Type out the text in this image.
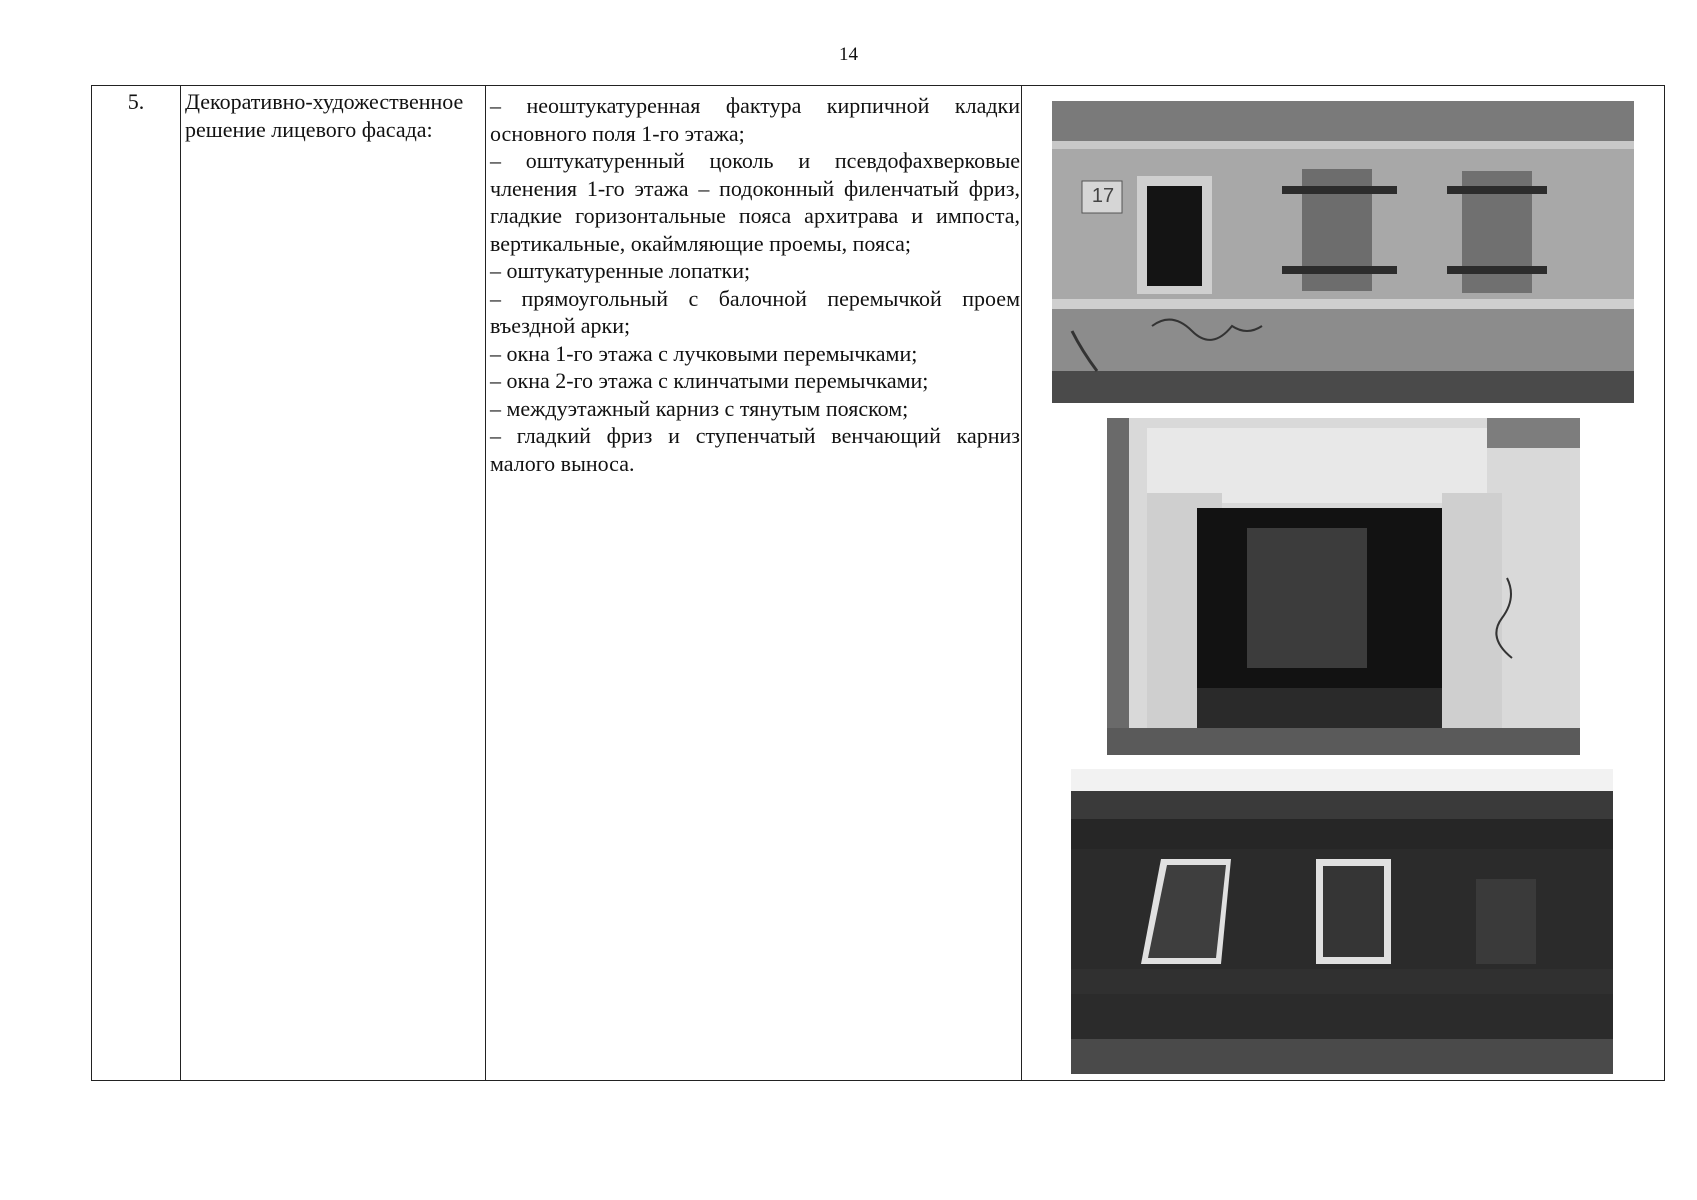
14
5.	Декоративно-художественное решение лицевого фасада:

– неоштукатуренная фактура кирпичной кладки основного поля 1-го этажа;

– оштукатуренный цоколь и псевдофахверковые членения 1-го этажа – подоконный филенчатый фриз, гладкие горизонтальные пояса архитрава и импоста, вертикальные, окаймляющие проемы, пояса;

– оштукатуренные лопатки;

– прямоугольный с балочной перемычкой проем въездной арки;

– окна 1-го этажа с лучковыми перемычками;

– окна 2-го этажа с клинчатыми перемычками;

– междуэтажный карниз с тянутым пояском;

– гладкий фриз и ступенчатый венчающий карниз малого выноса.

17
